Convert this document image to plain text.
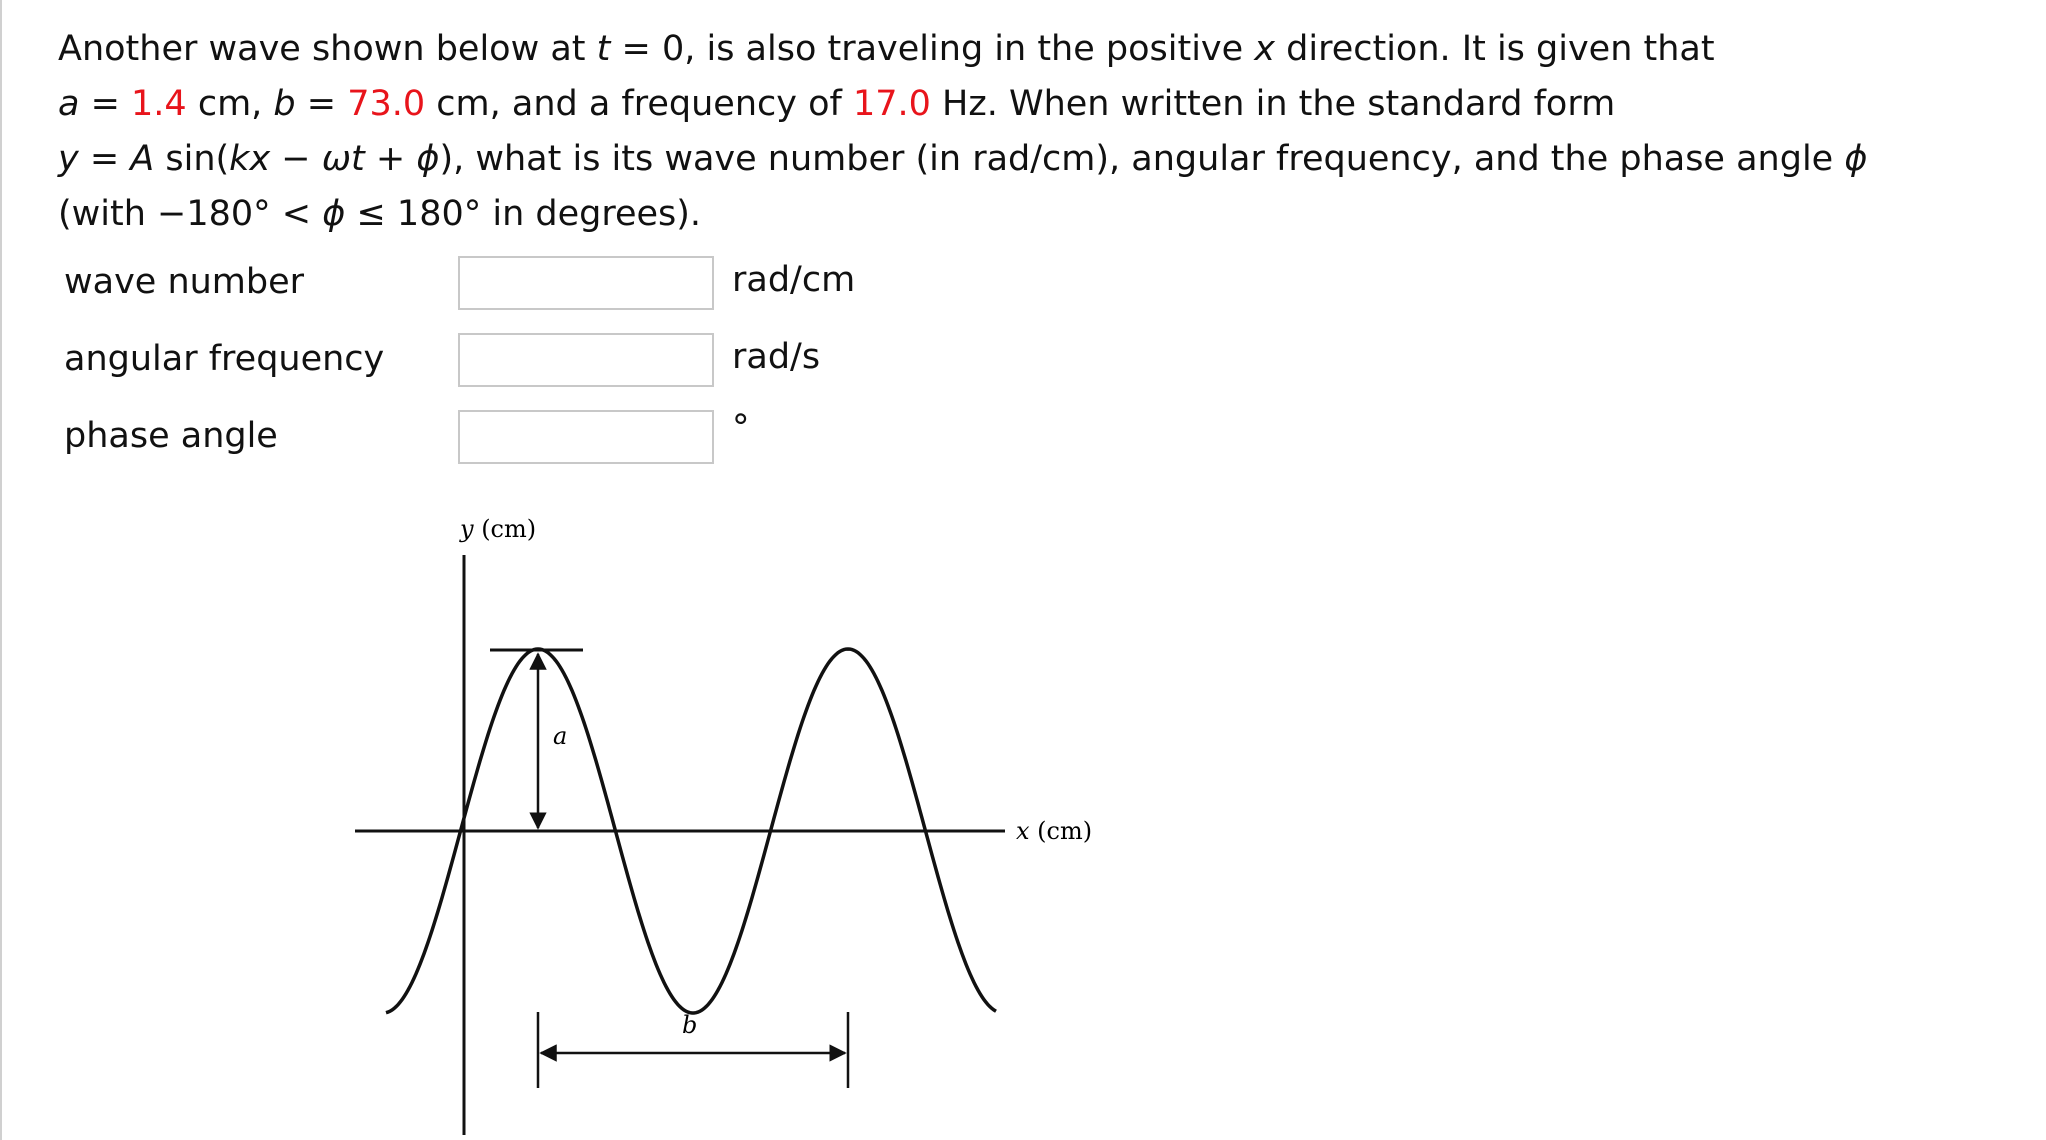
Another wave shown below at t = 0, is also traveling in the positive x direction. It is given that
a = 1.4 cm, b = 73.0 cm, and a frequency of 17.0 Hz. When written in the standard form
y = A sin(kx − ωt + ϕ), what is its wave number (in rad/cm), angular frequency, and the phase angle ϕ
(with −180° < ϕ ≤ 180° in degrees).
wave number	rad/cm
angular frequency	rad/s
phase angle	°
y (cm)
x (cm)
a
b
